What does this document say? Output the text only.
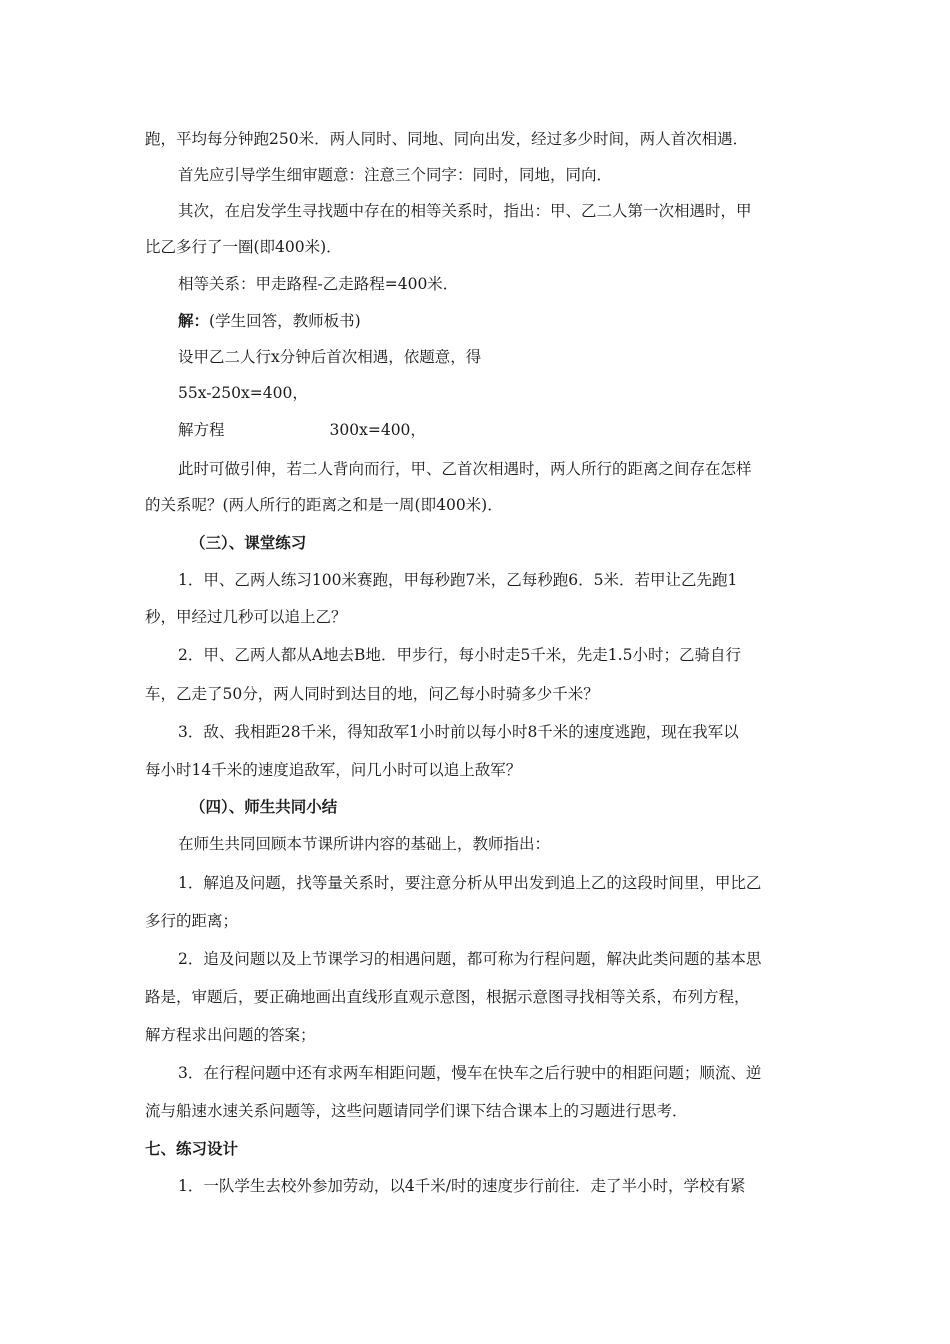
跑，平均每分钟跑250米．两人同时、同地、同向出发，经过多少时间，两人首次相遇．
首先应引导学生细审题意：注意三个同字：同时，同地，同向．
其次，在启发学生寻找题中存在的相等关系时，指出：甲、乙二人第一次相遇时，甲
比乙多行了一圈(即400米)．
相等关系：甲走路程-乙走路程=400米．
解：(学生回答，教师板书)
设甲乙二人行x分钟后首次相遇，依题意，得
55x-250x=400，
解方程	300x=400，
此时可做引伸，若二人背向而行，甲、乙首次相遇时，两人所行的距离之间存在怎样
的关系呢？(两人所行的距离之和是一周(即400米)．
（三）、课堂练习
1．甲、乙两人练习100米赛跑，甲每秒跑7米，乙每秒跑6．5米．若甲让乙先跑1
秒，甲经过几秒可以追上乙？
2．甲、乙两人都从A地去B地．甲步行，每小时走5千米，先走1.5小时；乙骑自行
车，乙走了50分，两人同时到达目的地，问乙每小时骑多少千米？
3．敌、我相距28千米，得知敌军1小时前以每小时8千米的速度逃跑，现在我军以
每小时14千米的速度追敌军，问几小时可以追上敌军？
（四）、师生共同小结
在师生共同回顾本节课所讲内容的基础上，教师指出：
1．解追及问题，找等量关系时，要注意分析从甲出发到追上乙的这段时间里，甲比乙
多行的距离；
2．追及问题以及上节课学习的相遇问题，都可称为行程问题，解决此类问题的基本思
路是，审题后，要正确地画出直线形直观示意图，根据示意图寻找相等关系，布列方程，
解方程求出问题的答案；
3．在行程问题中还有求两车相距问题，慢车在快车之后行驶中的相距问题；顺流、逆
流与船速水速关系问题等，这些问题请同学们课下结合课本上的习题进行思考．
七、练习设计
1．一队学生去校外参加劳动，以4千米/时的速度步行前往．走了半小时，学校有紧
